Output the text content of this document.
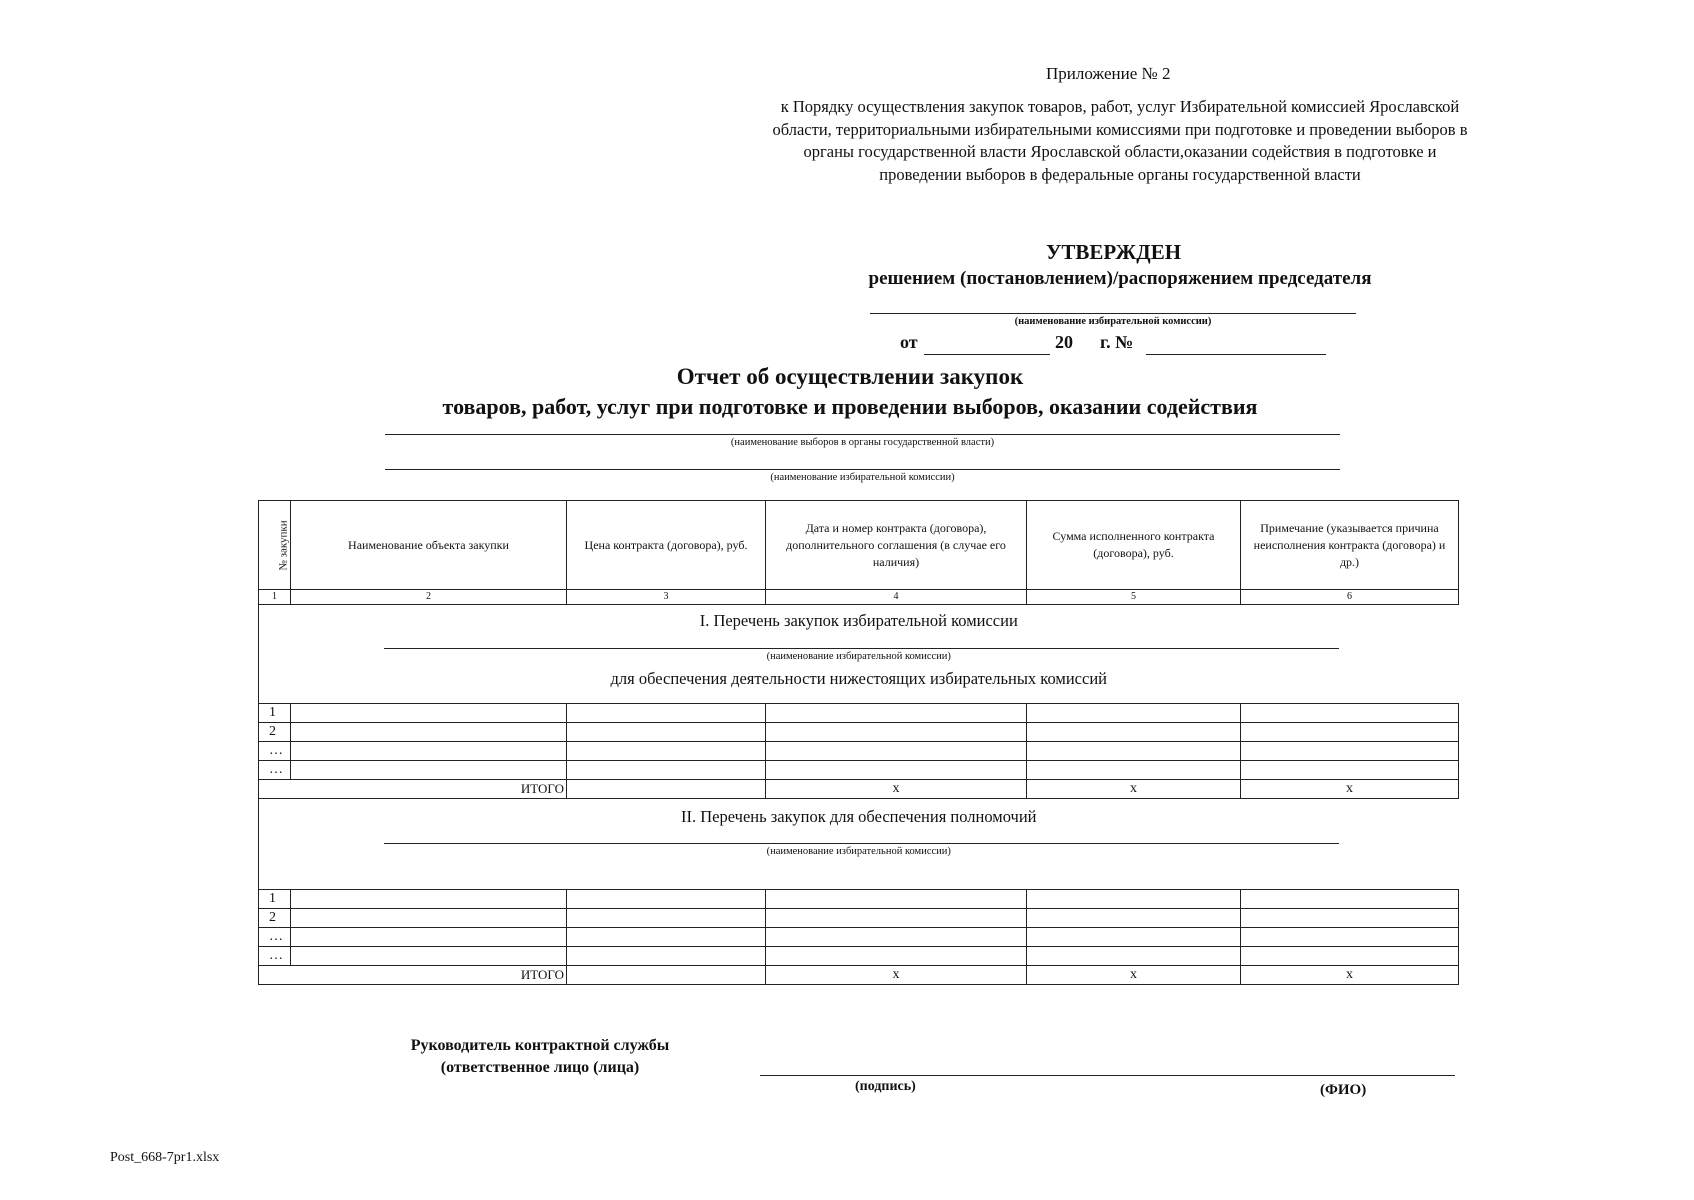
Приложение № 2
к Порядку осуществления закупок товаров, работ, услуг Избирательной комиссией Ярославской области, территориальными избирательными комиссиями при подготовке и проведении выборов в органы государственной власти Ярославской области,оказании содействия в подготовке и проведении выборов в федеральные органы государственной власти
УТВЕРЖДЕН
решением (постановлением)/распоряжением председателя
(наименование избирательной комиссии)
от	20 г. №
Отчет об осуществлении закупок
товаров, работ, услуг при подготовке и проведении выборов, оказании содействия
(наименование выборов в органы государственной власти)
(наименование избирательной комиссии)
№ закупки	Наименование объекта закупки	Цена контракта (договора), руб.	Дата и номер контракта (договора), дополнительного соглашения (в случае его наличия)	Сумма исполненного контракта (договора), руб.	Примечание (указывается причина неисполнения контракта (договора) и др.)
1	2	3	4	5	6

I. Перечень закупок избирательной комиссии
(наименование избирательной комиссии)
для обеспечения деятельности нижестоящих избирательных комиссий					

1					
2					
…					
…					
ИТОГО			x	x	x

II. Перечень закупок для обеспечения полномочий
(наименование избирательной комиссии)					

1					
2					
…					
…					
ИТОГО			x	x	x
Руководитель контрактной службы
(ответственное лицо (лица)
(подпись)	(ФИО)
Post_668-7pr1.xlsx
